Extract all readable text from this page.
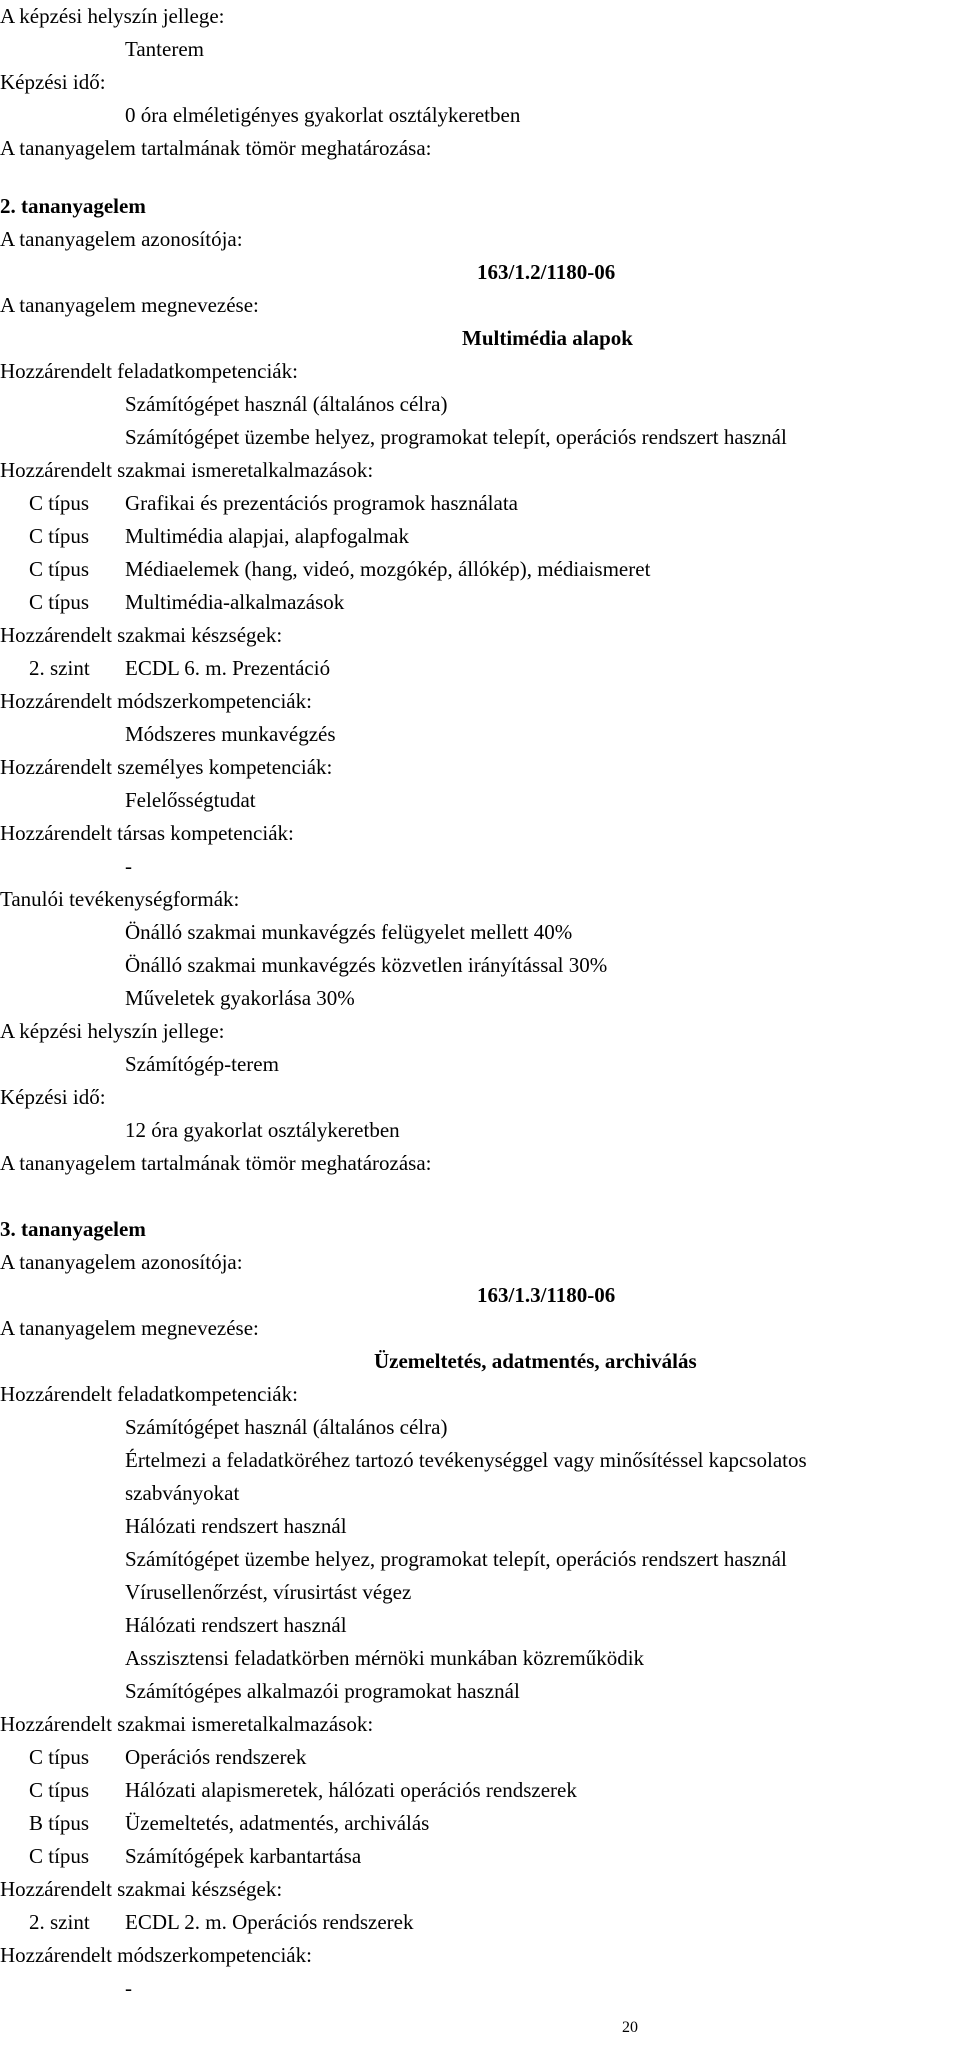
A képzési helyszín jellege:
Tanterem
Képzési idő:
0 óra elméletigényes gyakorlat osztálykeretben
A tananyagelem tartalmának tömör meghatározása:
2. tananyagelem
A tananyagelem azonosítója:
163/1.2/1180-06
A tananyagelem megnevezése:
Multimédia alapok
Hozzárendelt feladatkompetenciák:
Számítógépet használ (általános célra)
Számítógépet üzembe helyez, programokat telepít, operációs rendszert használ
Hozzárendelt szakmai ismeretalkalmazások:
C típus Grafikai és prezentációs programok használata
C típus Multimédia alapjai, alapfogalmak
C típus Médiaelemek (hang, videó, mozgókép, állókép), médiaismeret
C típus Multimédia-alkalmazások
Hozzárendelt szakmai készségek:
2. szint ECDL 6. m. Prezentáció
Hozzárendelt módszerkompetenciák:
Módszeres munkavégzés
Hozzárendelt személyes kompetenciák:
Felelősségtudat
Hozzárendelt társas kompetenciák:
-
Tanulói tevékenységformák:
Önálló szakmai munkavégzés felügyelet mellett 40%
Önálló szakmai munkavégzés közvetlen irányítással 30%
Műveletek gyakorlása 30%
A képzési helyszín jellege:
Számítógép-terem
Képzési idő:
12 óra gyakorlat osztálykeretben
A tananyagelem tartalmának tömör meghatározása:
3. tananyagelem
A tananyagelem azonosítója:
163/1.3/1180-06
A tananyagelem megnevezése:
Üzemeltetés, adatmentés, archiválás
Hozzárendelt feladatkompetenciák:
Számítógépet használ (általános célra)
Értelmezi a feladatköréhez tartozó tevékenységgel vagy minősítéssel kapcsolatos
szabványokat
Hálózati rendszert használ
Számítógépet üzembe helyez, programokat telepít, operációs rendszert használ
Vírusellenőrzést, vírusirtást végez
Hálózati rendszert használ
Asszisztensi feladatkörben mérnöki munkában közreműködik
Számítógépes alkalmazói programokat használ
Hozzárendelt szakmai ismeretalkalmazások:
C típus Operációs rendszerek
C típus Hálózati alapismeretek, hálózati operációs rendszerek
B típus Üzemeltetés, adatmentés, archiválás
C típus Számítógépek karbantartása
Hozzárendelt szakmai készségek:
2. szint ECDL 2. m. Operációs rendszerek
Hozzárendelt módszerkompetenciák:
-
20
